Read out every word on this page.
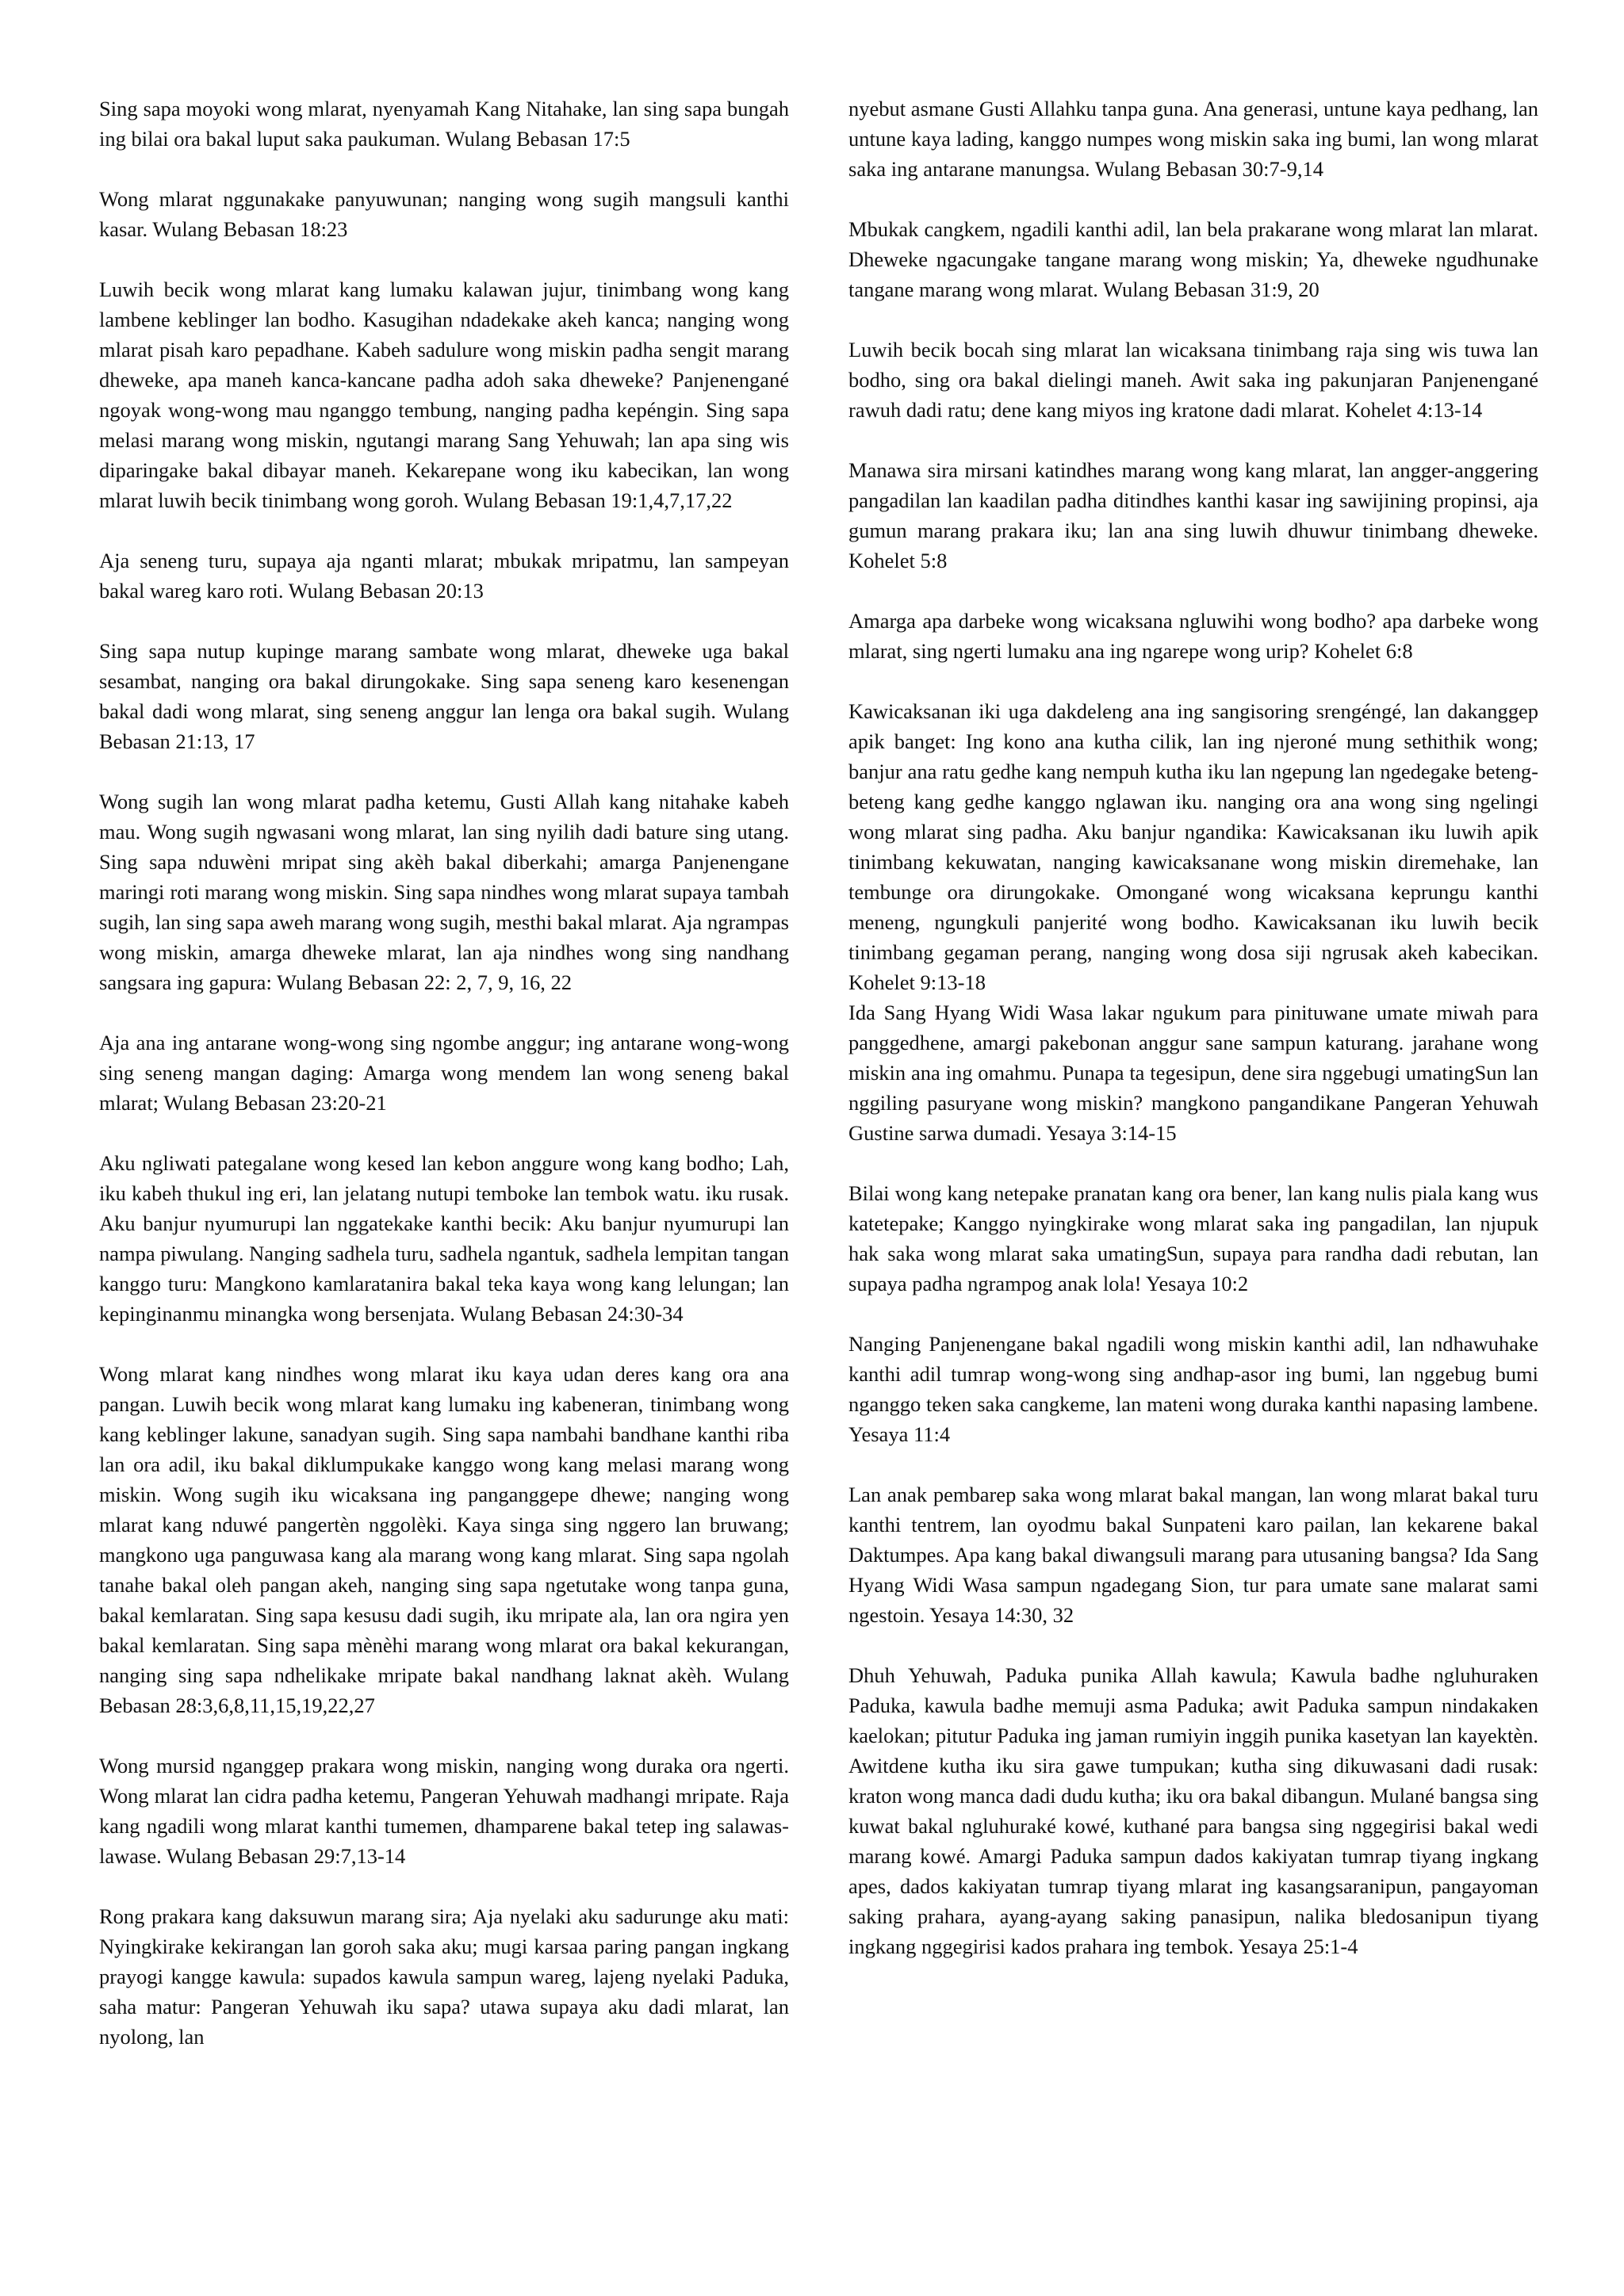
Sing sapa moyoki wong mlarat, nyenyamah Kang Nitahake, lan sing sapa bungah ing bilai ora bakal luput saka paukuman. Wulang Bebasan 17:5

Wong mlarat nggunakake panyuwunan; nanging wong sugih mangsuli kanthi kasar. Wulang Bebasan 18:23

Luwih becik wong mlarat kang lumaku kalawan jujur, tinimbang wong kang lambene keblinger lan bodho. Kasugihan ndadekake akeh kanca; nanging wong mlarat pisah karo pepadhane. Kabeh sadulure wong miskin padha sengit marang dheweke, apa maneh kanca-kancane padha adoh saka dheweke? Panjenengané ngoyak wong-wong mau nganggo tembung, nanging padha kepéngin. Sing sapa melasi marang wong miskin, ngutangi marang Sang Yehuwah; lan apa sing wis diparingake bakal dibayar maneh. Kekarepane wong iku kabecikan, lan wong mlarat luwih becik tinimbang wong goroh. Wulang Bebasan 19:1,4,7,17,22

Aja seneng turu, supaya aja nganti mlarat; mbukak mripatmu, lan sampeyan bakal wareg karo roti. Wulang Bebasan 20:13

Sing sapa nutup kupinge marang sambate wong mlarat, dheweke uga bakal sesambat, nanging ora bakal dirungokake. Sing sapa seneng karo kesenengan bakal dadi wong mlarat, sing seneng anggur lan lenga ora bakal sugih. Wulang Bebasan 21:13, 17

Wong sugih lan wong mlarat padha ketemu, Gusti Allah kang nitahake kabeh mau. Wong sugih ngwasani wong mlarat, lan sing nyilih dadi bature sing utang. Sing sapa nduwèni mripat sing akèh bakal diberkahi; amarga Panjenengane maringi roti marang wong miskin. Sing sapa nindhes wong mlarat supaya tambah sugih, lan sing sapa aweh marang wong sugih, mesthi bakal mlarat. Aja ngrampas wong miskin, amarga dheweke mlarat, lan aja nindhes wong sing nandhang sangsara ing gapura: Wulang Bebasan 22: 2, 7, 9, 16, 22

Aja ana ing antarane wong-wong sing ngombe anggur; ing antarane wong-wong sing seneng mangan daging: Amarga wong mendem lan wong seneng bakal mlarat; Wulang Bebasan 23:20-21

Aku ngliwati pategalane wong kesed lan kebon anggure wong kang bodho; Lah, iku kabeh thukul ing eri, lan jelatang nutupi temboke lan tembok watu. iku rusak. Aku banjur nyumurupi lan nggatekake kanthi becik: Aku banjur nyumurupi lan nampa piwulang. Nanging sadhela turu, sadhela ngantuk, sadhela lempitan tangan kanggo turu: Mangkono kamlaratanira bakal teka kaya wong kang lelungan; lan kepinginanmu minangka wong bersenjata. Wulang Bebasan 24:30-34

Wong mlarat kang nindhes wong mlarat iku kaya udan deres kang ora ana pangan. Luwih becik wong mlarat kang lumaku ing kabeneran, tinimbang wong kang keblinger lakune, sanadyan sugih. Sing sapa nambahi bandhane kanthi riba lan ora adil, iku bakal diklumpukake kanggo wong kang melasi marang wong miskin. Wong sugih iku wicaksana ing panganggepe dhewe; nanging wong mlarat kang nduwé pangertèn nggolèki. Kaya singa sing nggero lan bruwang; mangkono uga panguwasa kang ala marang wong kang mlarat. Sing sapa ngolah tanahe bakal oleh pangan akeh, nanging sing sapa ngetutake wong tanpa guna, bakal kemlaratan. Sing sapa kesusu dadi sugih, iku mripate ala, lan ora ngira yen bakal kemlaratan. Sing sapa mènèhi marang wong mlarat ora bakal kekurangan, nanging sing sapa ndhelikake mripate bakal nandhang laknat akèh. Wulang Bebasan 28:3,6,8,11,15,19,22,27

Wong mursid nganggep prakara wong miskin, nanging wong duraka ora ngerti. Wong mlarat lan cidra padha ketemu, Pangeran Yehuwah madhangi mripate. Raja kang ngadili wong mlarat kanthi tumemen, dhamparene bakal tetep ing salawas-lawase. Wulang Bebasan 29:7,13-14

Rong prakara kang daksuwun marang sira; Aja nyelaki aku sadurunge aku mati: Nyingkirake kekirangan lan goroh saka aku; mugi karsaa paring pangan ingkang prayogi kangge kawula: supados kawula sampun wareg, lajeng nyelaki Paduka, saha matur: Pangeran Yehuwah iku sapa? utawa supaya aku dadi mlarat, lan nyolong, lan

nyebut asmane Gusti Allahku tanpa guna. Ana generasi, untune kaya pedhang, lan untune kaya lading, kanggo numpes wong miskin saka ing bumi, lan wong mlarat saka ing antarane manungsa. Wulang Bebasan 30:7-9,14

Mbukak cangkem, ngadili kanthi adil, lan bela prakarane wong mlarat lan mlarat. Dheweke ngacungake tangane marang wong miskin; Ya, dheweke ngudhunake tangane marang wong mlarat. Wulang Bebasan 31:9, 20

Luwih becik bocah sing mlarat lan wicaksana tinimbang raja sing wis tuwa lan bodho, sing ora bakal dielingi maneh. Awit saka ing pakunjaran Panjenengané rawuh dadi ratu; dene kang miyos ing kratone dadi mlarat. Kohelet 4:13-14

Manawa sira mirsani katindhes marang wong kang mlarat, lan angger-anggering pangadilan lan kaadilan padha ditindhes kanthi kasar ing sawijining propinsi, aja gumun marang prakara iku; lan ana sing luwih dhuwur tinimbang dheweke. Kohelet 5:8

Amarga apa darbeke wong wicaksana ngluwihi wong bodho? apa darbeke wong mlarat, sing ngerti lumaku ana ing ngarepe wong urip? Kohelet 6:8

Kawicaksanan iki uga dakdeleng ana ing sangisoring srengéngé, lan dakanggep apik banget: Ing kono ana kutha cilik, lan ing njeroné mung sethithik wong; banjur ana ratu gedhe kang nempuh kutha iku lan ngepung lan ngedegake beteng-beteng kang gedhe kanggo nglawan iku. nanging ora ana wong sing ngelingi wong mlarat sing padha. Aku banjur ngandika: Kawicaksanan iku luwih apik tinimbang kekuwatan, nanging kawicaksanane wong miskin diremehake, lan tembunge ora dirungokake. Omongané wong wicaksana keprungu kanthi meneng, ngungkuli panjerité wong bodho. Kawicaksanan iku luwih becik tinimbang gegaman perang, nanging wong dosa siji ngrusak akeh kabecikan. Kohelet 9:13-18

Ida Sang Hyang Widi Wasa lakar ngukum para pinituwane umate miwah para panggedhene, amargi pakebonan anggur sane sampun katurang. jarahane wong miskin ana ing omahmu. Punapa ta tegesipun, dene sira nggebugi umatingSun lan nggiling pasuryane wong miskin? mangkono pangandikane Pangeran Yehuwah Gustine sarwa dumadi. Yesaya 3:14-15

Bilai wong kang netepake pranatan kang ora bener, lan kang nulis piala kang wus katetepake; Kanggo nyingkirake wong mlarat saka ing pangadilan, lan njupuk hak saka wong mlarat saka umatingSun, supaya para randha dadi rebutan, lan supaya padha ngrampog anak lola! Yesaya 10:2

Nanging Panjenengane bakal ngadili wong miskin kanthi adil, lan ndhawuhake kanthi adil tumrap wong-wong sing andhap-asor ing bumi, lan nggebug bumi nganggo teken saka cangkeme, lan mateni wong duraka kanthi napasing lambene. Yesaya 11:4

Lan anak pembarep saka wong mlarat bakal mangan, lan wong mlarat bakal turu kanthi tentrem, lan oyodmu bakal Sunpateni karo pailan, lan kekarene bakal Daktumpes. Apa kang bakal diwangsuli marang para utusaning bangsa? Ida Sang Hyang Widi Wasa sampun ngadegang Sion, tur para umate sane malarat sami ngestoin. Yesaya 14:30, 32

Dhuh Yehuwah, Paduka punika Allah kawula; Kawula badhe ngluhuraken Paduka, kawula badhe memuji asma Paduka; awit Paduka sampun nindakaken kaelokan; pitutur Paduka ing jaman rumiyin inggih punika kasetyan lan kayektèn. Awitdene kutha iku sira gawe tumpukan; kutha sing dikuwasani dadi rusak: kraton wong manca dadi dudu kutha; iku ora bakal dibangun. Mulané bangsa sing kuwat bakal ngluhuraké kowé, kuthané para bangsa sing nggegirisi bakal wedi marang kowé. Amargi Paduka sampun dados kakiyatan tumrap tiyang ingkang apes, dados kakiyatan tumrap tiyang mlarat ing kasangsaranipun, pangayoman saking prahara, ayang-ayang saking panasipun, nalika bledosanipun tiyang ingkang nggegirisi kados prahara ing tembok. Yesaya 25:1-4
